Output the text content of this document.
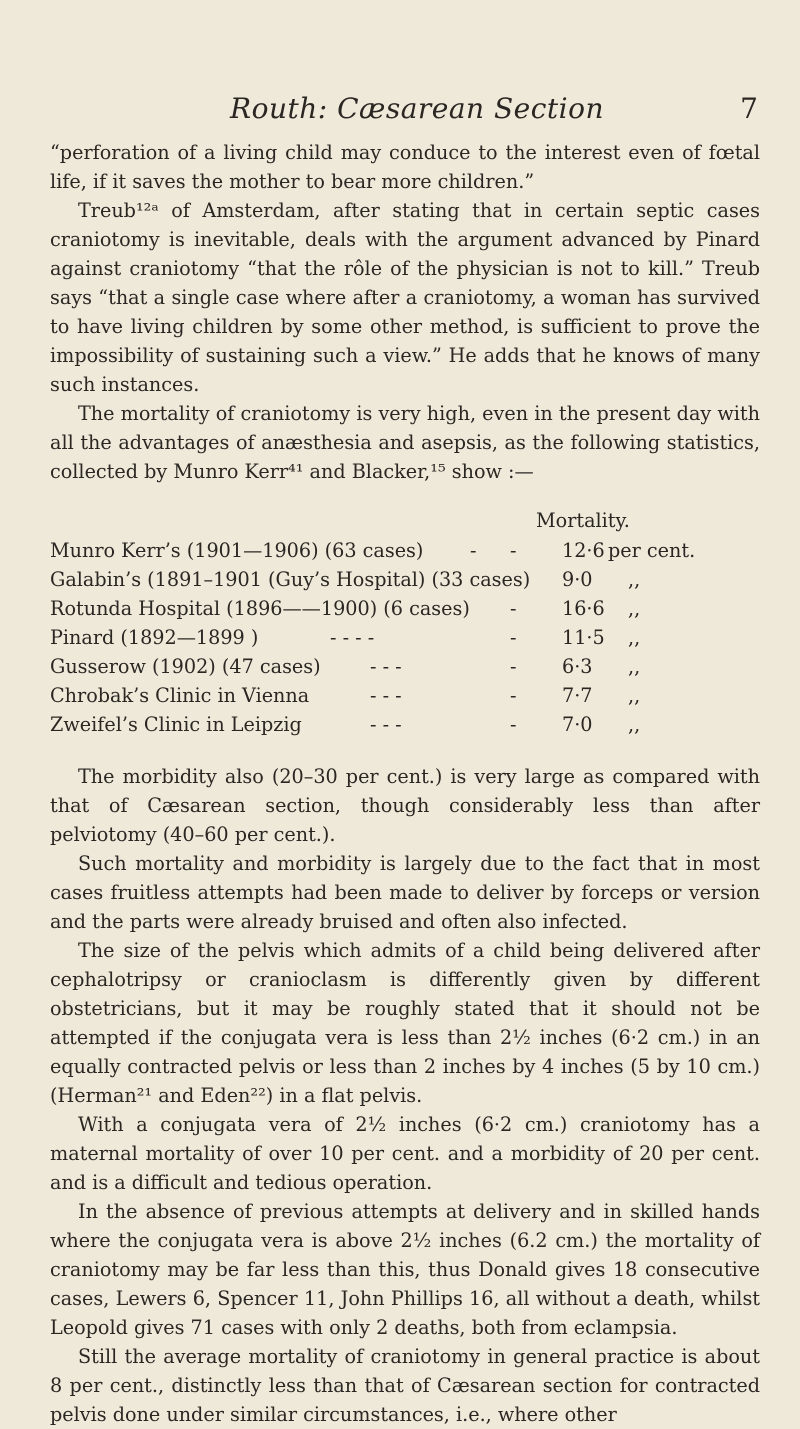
Routh: Cæsarean Section	7

“perforation of a living child may conduce to the interest even of fœtal life, if it saves the mother to bear more children.”

Treub¹²ᵃ of Amsterdam, after stating that in certain septic cases craniotomy is inevitable, deals with the argument advanced by Pinard against craniotomy “that the rôle of the physician is not to kill.” Treub says “that a single case where after a craniotomy, a woman has survived to have living children by some other method, is sufficient to prove the impossibility of sustaining such a view.” He adds that he knows of many such instances.

The mortality of craniotomy is very high, even in the present day with all the advantages of anæsthesia and asepsis, as the following statistics, collected by Munro Kerr⁴¹ and Blacker,¹⁵ show :—

Mortality.
Munro Kerr’s (1901—1906) (63 cases) - - 12·6 per cent.
Galabin’s (1891–1901 (Guy’s Hospital) (33 cases) 9·0 ,,
Rotunda Hospital (1896——1900) (6 cases) - 16·6 ,,
Pinard (1892—1899 )	- - - -	- 11·5 ,,
Gusserow (1902) (47 cases)	- - -	- 6·3 ,,
Chrobak’s Clinic in Vienna	- - -	- 7·7 ,,
Zweifel’s Clinic in Leipzig	- - -	- 7·0 ,,

The morbidity also (20–30 per cent.) is very large as compared with that of Cæsarean section, though considerably less than after pelviotomy (40–60 per cent.).

Such mortality and morbidity is largely due to the fact that in most cases fruitless attempts had been made to deliver by forceps or version and the parts were already bruised and often also infected.

The size of the pelvis which admits of a child being delivered after cephalotripsy or cranioclasm is differently given by different obstetricians, but it may be roughly stated that it should not be attempted if the conjugata vera is less than 2½ inches (6·2 cm.) in an equally contracted pelvis or less than 2 inches by 4 inches (5 by 10 cm.) (Herman²¹ and Eden²²) in a flat pelvis.

With a conjugata vera of 2½ inches (6·2 cm.) craniotomy has a maternal mortality of over 10 per cent. and a morbidity of 20 per cent. and is a difficult and tedious operation.

In the absence of previous attempts at delivery and in skilled hands where the conjugata vera is above 2½ inches (6.2 cm.) the mortality of craniotomy may be far less than this, thus Donald gives 18 consecutive cases, Lewers 6, Spencer 11, John Phillips 16, all without a death, whilst Leopold gives 71 cases with only 2 deaths, both from eclampsia.

Still the average mortality of craniotomy in general practice is about 8 per cent., distinctly less than that of Cæsarean section for contracted pelvis done under similar circumstances, i.e., where other
